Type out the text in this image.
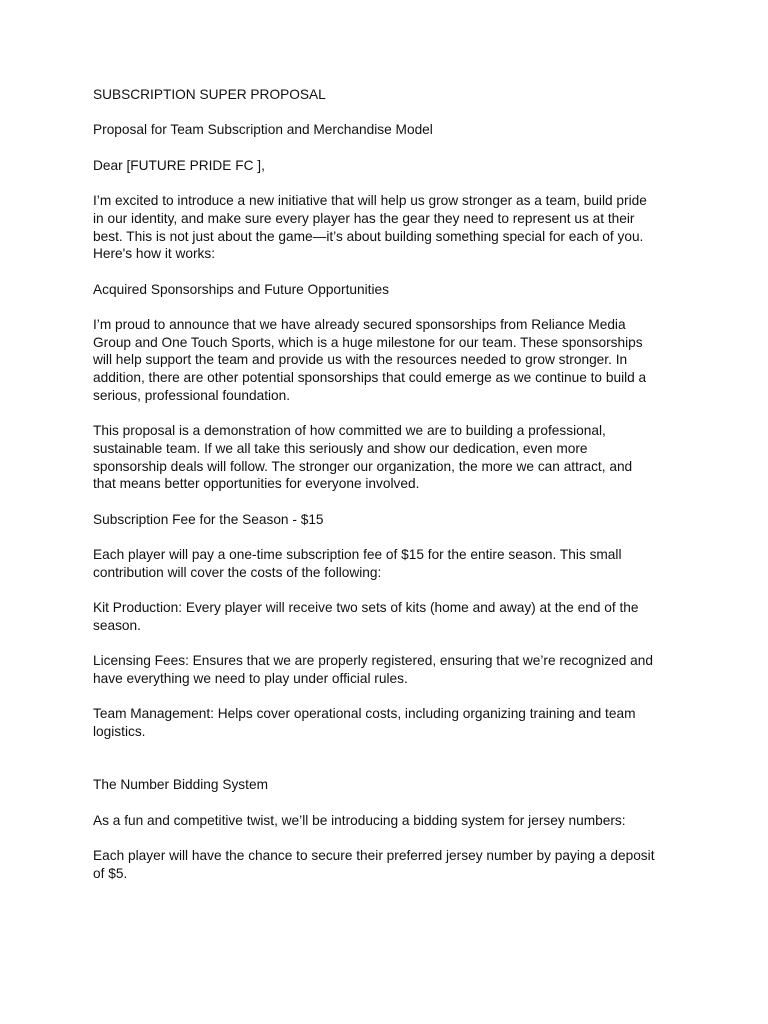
SUBSCRIPTION SUPER PROPOSAL

Proposal for Team Subscription and Merchandise Model

Dear [FUTURE PRIDE FC ],

I’m excited to introduce a new initiative that will help us grow stronger as a team, build pride
in our identity, and make sure every player has the gear they need to represent us at their
best. This is not just about the game—it’s about building something special for each of you.
Here's how it works:

Acquired Sponsorships and Future Opportunities

I’m proud to announce that we have already secured sponsorships from Reliance Media
Group and One Touch Sports, which is a huge milestone for our team. These sponsorships
will help support the team and provide us with the resources needed to grow stronger. In
addition, there are other potential sponsorships that could emerge as we continue to build a
serious, professional foundation.

This proposal is a demonstration of how committed we are to building a professional,
sustainable team. If we all take this seriously and show our dedication, even more
sponsorship deals will follow. The stronger our organization, the more we can attract, and
that means better opportunities for everyone involved.

Subscription Fee for the Season - $15

Each player will pay a one-time subscription fee of $15 for the entire season. This small
contribution will cover the costs of the following:

Kit Production: Every player will receive two sets of kits (home and away) at the end of the
season.

Licensing Fees: Ensures that we are properly registered, ensuring that we’re recognized and
have everything we need to play under official rules.

Team Management: Helps cover operational costs, including organizing training and team
logistics.

The Number Bidding System

As a fun and competitive twist, we’ll be introducing a bidding system for jersey numbers:

Each player will have the chance to secure their preferred jersey number by paying a deposit
of $5.
